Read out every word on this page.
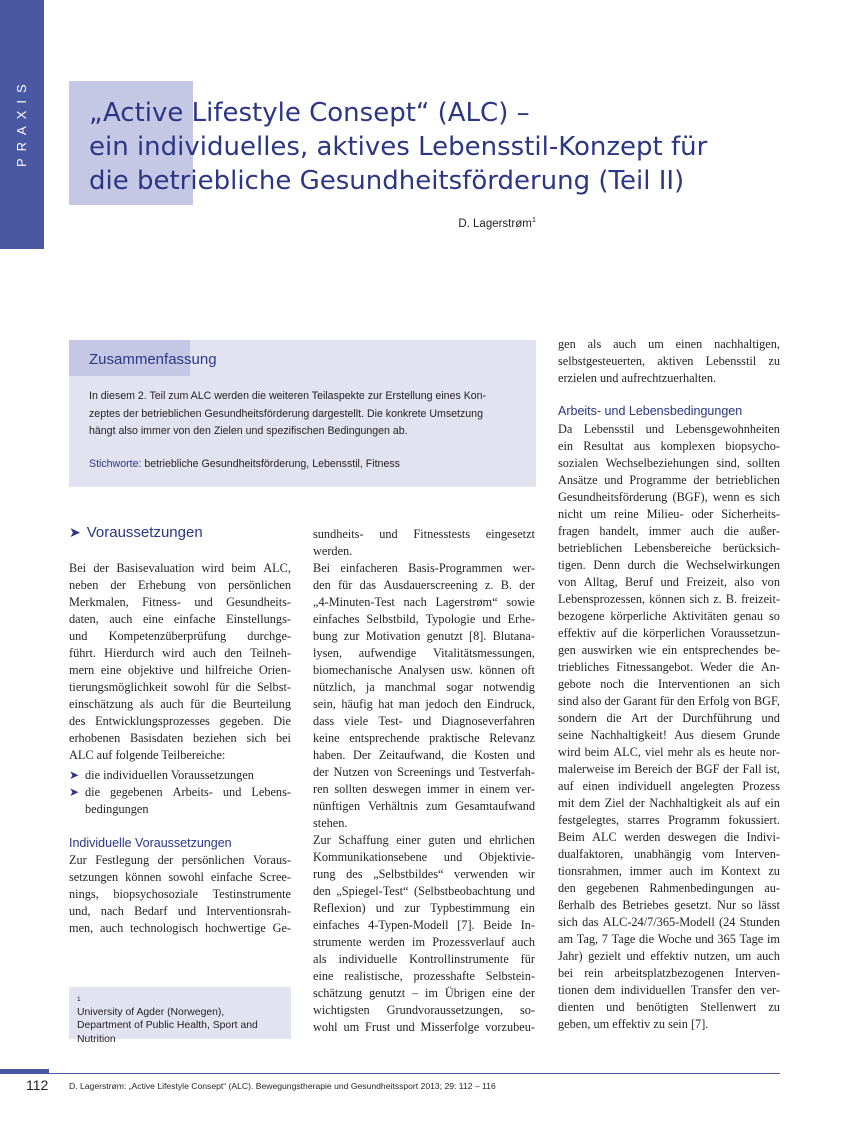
PRAXIS „Active Lifestyle Consept“ (ALC) –
ein individuelles, aktives Lebensstil-Konzept für
die betriebliche Gesundheitsförderung (Teil II)
D. Lagerstrøm$^1$
Zusammenfassung

In diesem 2. Teil zum ALC werden die weiteren Teilaspekte zur Erstellung eines Kon-
zeptes der betrieblichen Gesundheitsförderung dargestellt. Die konkrete Umsetzung
hängt also immer von den Zielen und spezifischen Bedingungen ab.

Stichworte: betriebliche Gesundheitsförderung, Lebensstil, Fitness

➤ Voraussetzungen
Bei der Basisevaluation wird beim ALC,
neben der Erhebung von persönlichen
Merkmalen, Fitness- und Gesundheits-
daten, auch eine einfache Einstellungs-
und Kompetenzüberprüfung durchge-
führt. Hierdurch wird auch den Teilneh-
mern eine objektive und hilfreiche Orien-
tierungsmöglichkeit sowohl für die Selbst-
einschätzung als auch für die Beurteilung
des Entwicklungsprozesses gegeben. Die
erhobenen Basisdaten beziehen sich bei
ALC auf folgende Teilbereiche:
➤ die individuellen Voraussetzungen
➤ die gegebenen Arbeits- und Lebens-
bedingungen
Individuelle Voraussetzungen
Zur Festlegung der persönlichen Voraus-
setzungen können sowohl einfache Scree-
nings, biopsychosoziale Testinstrumente
und, nach Bedarf und Interventionsrah-
men, auch technologisch hochwertige Ge-

$^1$
University of Agder (Norwegen),
Department of Public Health, Sport and
Nutrition

sundheits- und Fitnesstests eingesetzt
werden.
Bei einfacheren Basis-Programmen wer-
den für das Ausdauerscreening z. B. der
„4-Minuten-Test nach Lagerstrøm“ sowie
einfaches Selbstbild, Typologie und Erhe-
bung zur Motivation genutzt [8]. Blutana-
lysen, aufwendige Vitalitätsmessungen,
biomechanische Analysen usw. können oft
nützlich, ja manchmal sogar notwendig
sein, häufig hat man jedoch den Eindruck,
dass viele Test- und Diagnoseverfahren
keine entsprechende praktische Relevanz
haben. Der Zeitaufwand, die Kosten und
der Nutzen von Screenings und Testverfah-
ren sollten deswegen immer in einem ver-
nünftigen Verhältnis zum Gesamtaufwand
stehen.
Zur Schaffung einer guten und ehrlichen
Kommunikationsebene und Objektivie-
rung des „Selbstbildes“ verwenden wir
den „Spiegel-Test“ (Selbstbeobachtung und
Reflexion) und zur Typbestimmung ein
einfaches 4-Typen-Modell [7]. Beide In-
strumente werden im Prozessverlauf auch
als individuelle Kontrollinstrumente für
eine realistische, prozesshafte Selbstein-
schätzung genutzt – im Übrigen eine der
wichtigsten Grundvoraussetzungen, so-
wohl um Frust und Misserfolge vorzubeu-
gen als auch um einen nachhaltigen,
selbstgesteuerten, aktiven Lebensstil zu
erzielen und aufrechtzuerhalten.
Arbeits- und Lebensbedingungen
Da Lebensstil und Lebensgewohnheiten
ein Resultat aus komplexen biopsycho-
sozialen Wechselbeziehungen sind, sollten
Ansätze und Programme der betrieblichen
Gesundheitsförderung (BGF), wenn es sich
nicht um reine Milieu- oder Sicherheits-
fragen handelt, immer auch die außer-
betrieblichen Lebensbereiche berücksich-
tigen. Denn durch die Wechselwirkungen
von Alltag, Beruf und Freizeit, also von
Lebensprozessen, können sich z. B. freizeit-
bezogene körperliche Aktivitäten genau so
effektiv auf die körperlichen Voraussetzun-
gen auswirken wie ein entsprechendes be-
triebliches Fitnessangebot. Weder die An-
gebote noch die Interventionen an sich
sind also der Garant für den Erfolg von BGF,
sondern die Art der Durchführung und
seine Nachhaltigkeit! Aus diesem Grunde
wird beim ALC, viel mehr als es heute nor-
malerweise im Bereich der BGF der Fall ist,
auf einen individuell angelegten Prozess
mit dem Ziel der Nachhaltigkeit als auf ein
festgelegtes, starres Programm fokussiert.
Beim ALC werden deswegen die Indivi-
dualfaktoren, unabhängig vom Interven-
tionsrahmen, immer auch im Kontext zu
den gegebenen Rahmenbedingungen au-
ßerhalb des Betriebes gesetzt. Nur so lässt
sich das ALC-24/7/365-Modell (24 Stunden
am Tag, 7 Tage die Woche und 365 Tage im
Jahr) gezielt und effektiv nutzen, um auch
bei rein arbeitsplatzbezogenen Interven-
tionen dem individuellen Transfer den ver-
dienten und benötigten Stellenwert zu
geben, um effektiv zu sein [7].
112 D. Lagerstrøm: „Active Lifestyle Consept“ (ALC). Bewegungstherapie und Gesundheitssport 2013; 29: 112 – 116
